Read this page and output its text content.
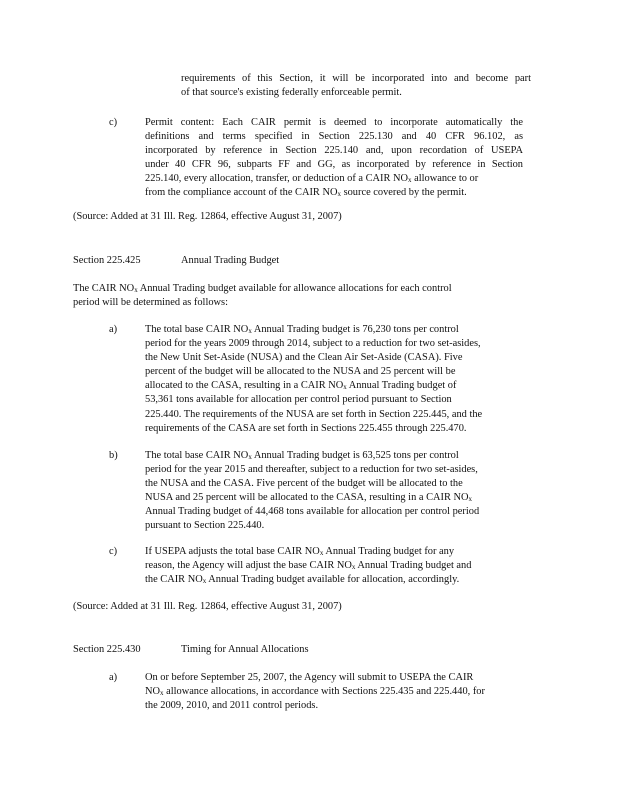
requirements of this Section, it will be incorporated into and become part
of that source's existing federally enforceable permit.
c)	Permit content: Each CAIR permit is deemed to incorporate automatically the
definitions and terms specified in Section 225.130 and 40 CFR 96.102, as
incorporated by reference in Section 225.140 and, upon recordation of USEPA
under 40 CFR 96, subparts FF and GG, as incorporated by reference in Section
225.140, every allocation, transfer, or deduction of a CAIR $NO_x$ allowance to or
from the compliance account of the CAIR $NO_x$ source covered by the permit.
(Source: Added at 31 Ill. Reg. 12864, effective August 31, 2007)
Section 225.425	Annual Trading Budget
The CAIR $NO_x$ Annual Trading budget available for allowance allocations for each control
period will be determined as follows:
a)	The total base CAIR $NO_x$ Annual Trading budget is 76,230 tons per control
period for the years 2009 through 2014, subject to a reduction for two set-asides,
the New Unit Set-Aside (NUSA) and the Clean Air Set-Aside (CASA). Five
percent of the budget will be allocated to the NUSA and 25 percent will be
allocated to the CASA, resulting in a CAIR $NO_x$ Annual Trading budget of
53,361 tons available for allocation per control period pursuant to Section
225.440. The requirements of the NUSA are set forth in Section 225.445, and the
requirements of the CASA are set forth in Sections 225.455 through 225.470.
b)	The total base CAIR $NO_x$ Annual Trading budget is 63,525 tons per control
period for the year 2015 and thereafter, subject to a reduction for two set-asides,
the NUSA and the CASA. Five percent of the budget will be allocated to the
NUSA and 25 percent will be allocated to the CASA, resulting in a CAIR $NO_x$
Annual Trading budget of 44,468 tons available for allocation per control period
pursuant to Section 225.440.
c)	If USEPA adjusts the total base CAIR $NO_x$ Annual Trading budget for any
reason, the Agency will adjust the base CAIR $NO_x$ Annual Trading budget and
the CAIR $NO_x$ Annual Trading budget available for allocation, accordingly.
(Source: Added at 31 Ill. Reg. 12864, effective August 31, 2007)
Section 225.430	Timing for Annual Allocations
a)	On or before September 25, 2007, the Agency will submit to USEPA the CAIR
$NO_x$ allowance allocations, in accordance with Sections 225.435 and 225.440, for
the 2009, 2010, and 2011 control periods.
